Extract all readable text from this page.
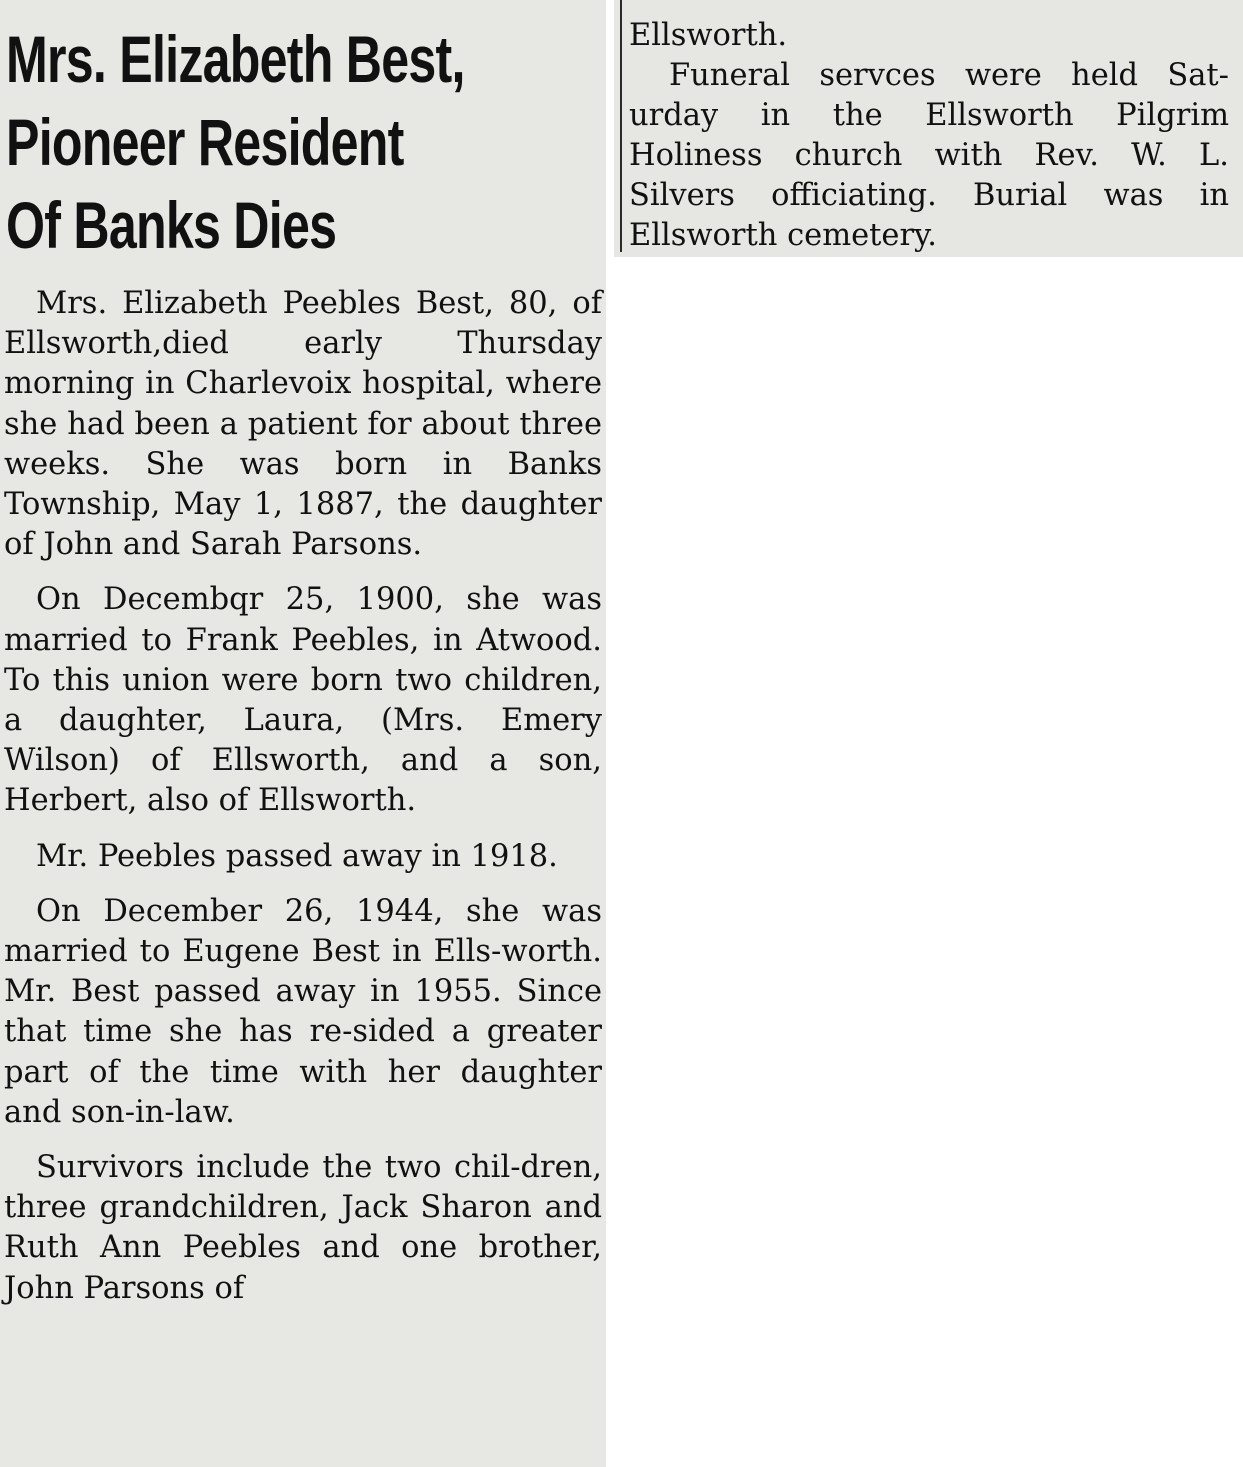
Mrs. Elizabeth Best,
Pioneer Resident
Of Banks Dies

Mrs. Elizabeth Peebles Best, 80, of Ellsworth,died early Thursday morning in Charlevoix hospital, where she had been a patient for about three weeks. She was born in Banks Township, May 1, 1887, the daughter of John and Sarah Parsons.

On Decembqr 25, 1900, she was married to Frank Peebles, in Atwood. To this union were born two children, a daughter, Laura, (Mrs. Emery Wilson) of Ellsworth, and a son, Herbert, also of Ellsworth.

Mr. Peebles passed away in 1918.

On December 26, 1944, she was married to Eugene Best in Ells-worth. Mr. Best passed away in 1955. Since that time she has re-sided a greater part of the time with her daughter and son-in-law.

Survivors include the two chil-dren, three grandchildren, Jack Sharon and Ruth Ann Peebles and one brother, John Parsons of

Ellsworth.

Funeral servces were held Sat-urday in the Ellsworth Pilgrim Holiness church with Rev. W. L. Silvers officiating. Burial was in Ellsworth cemetery.
